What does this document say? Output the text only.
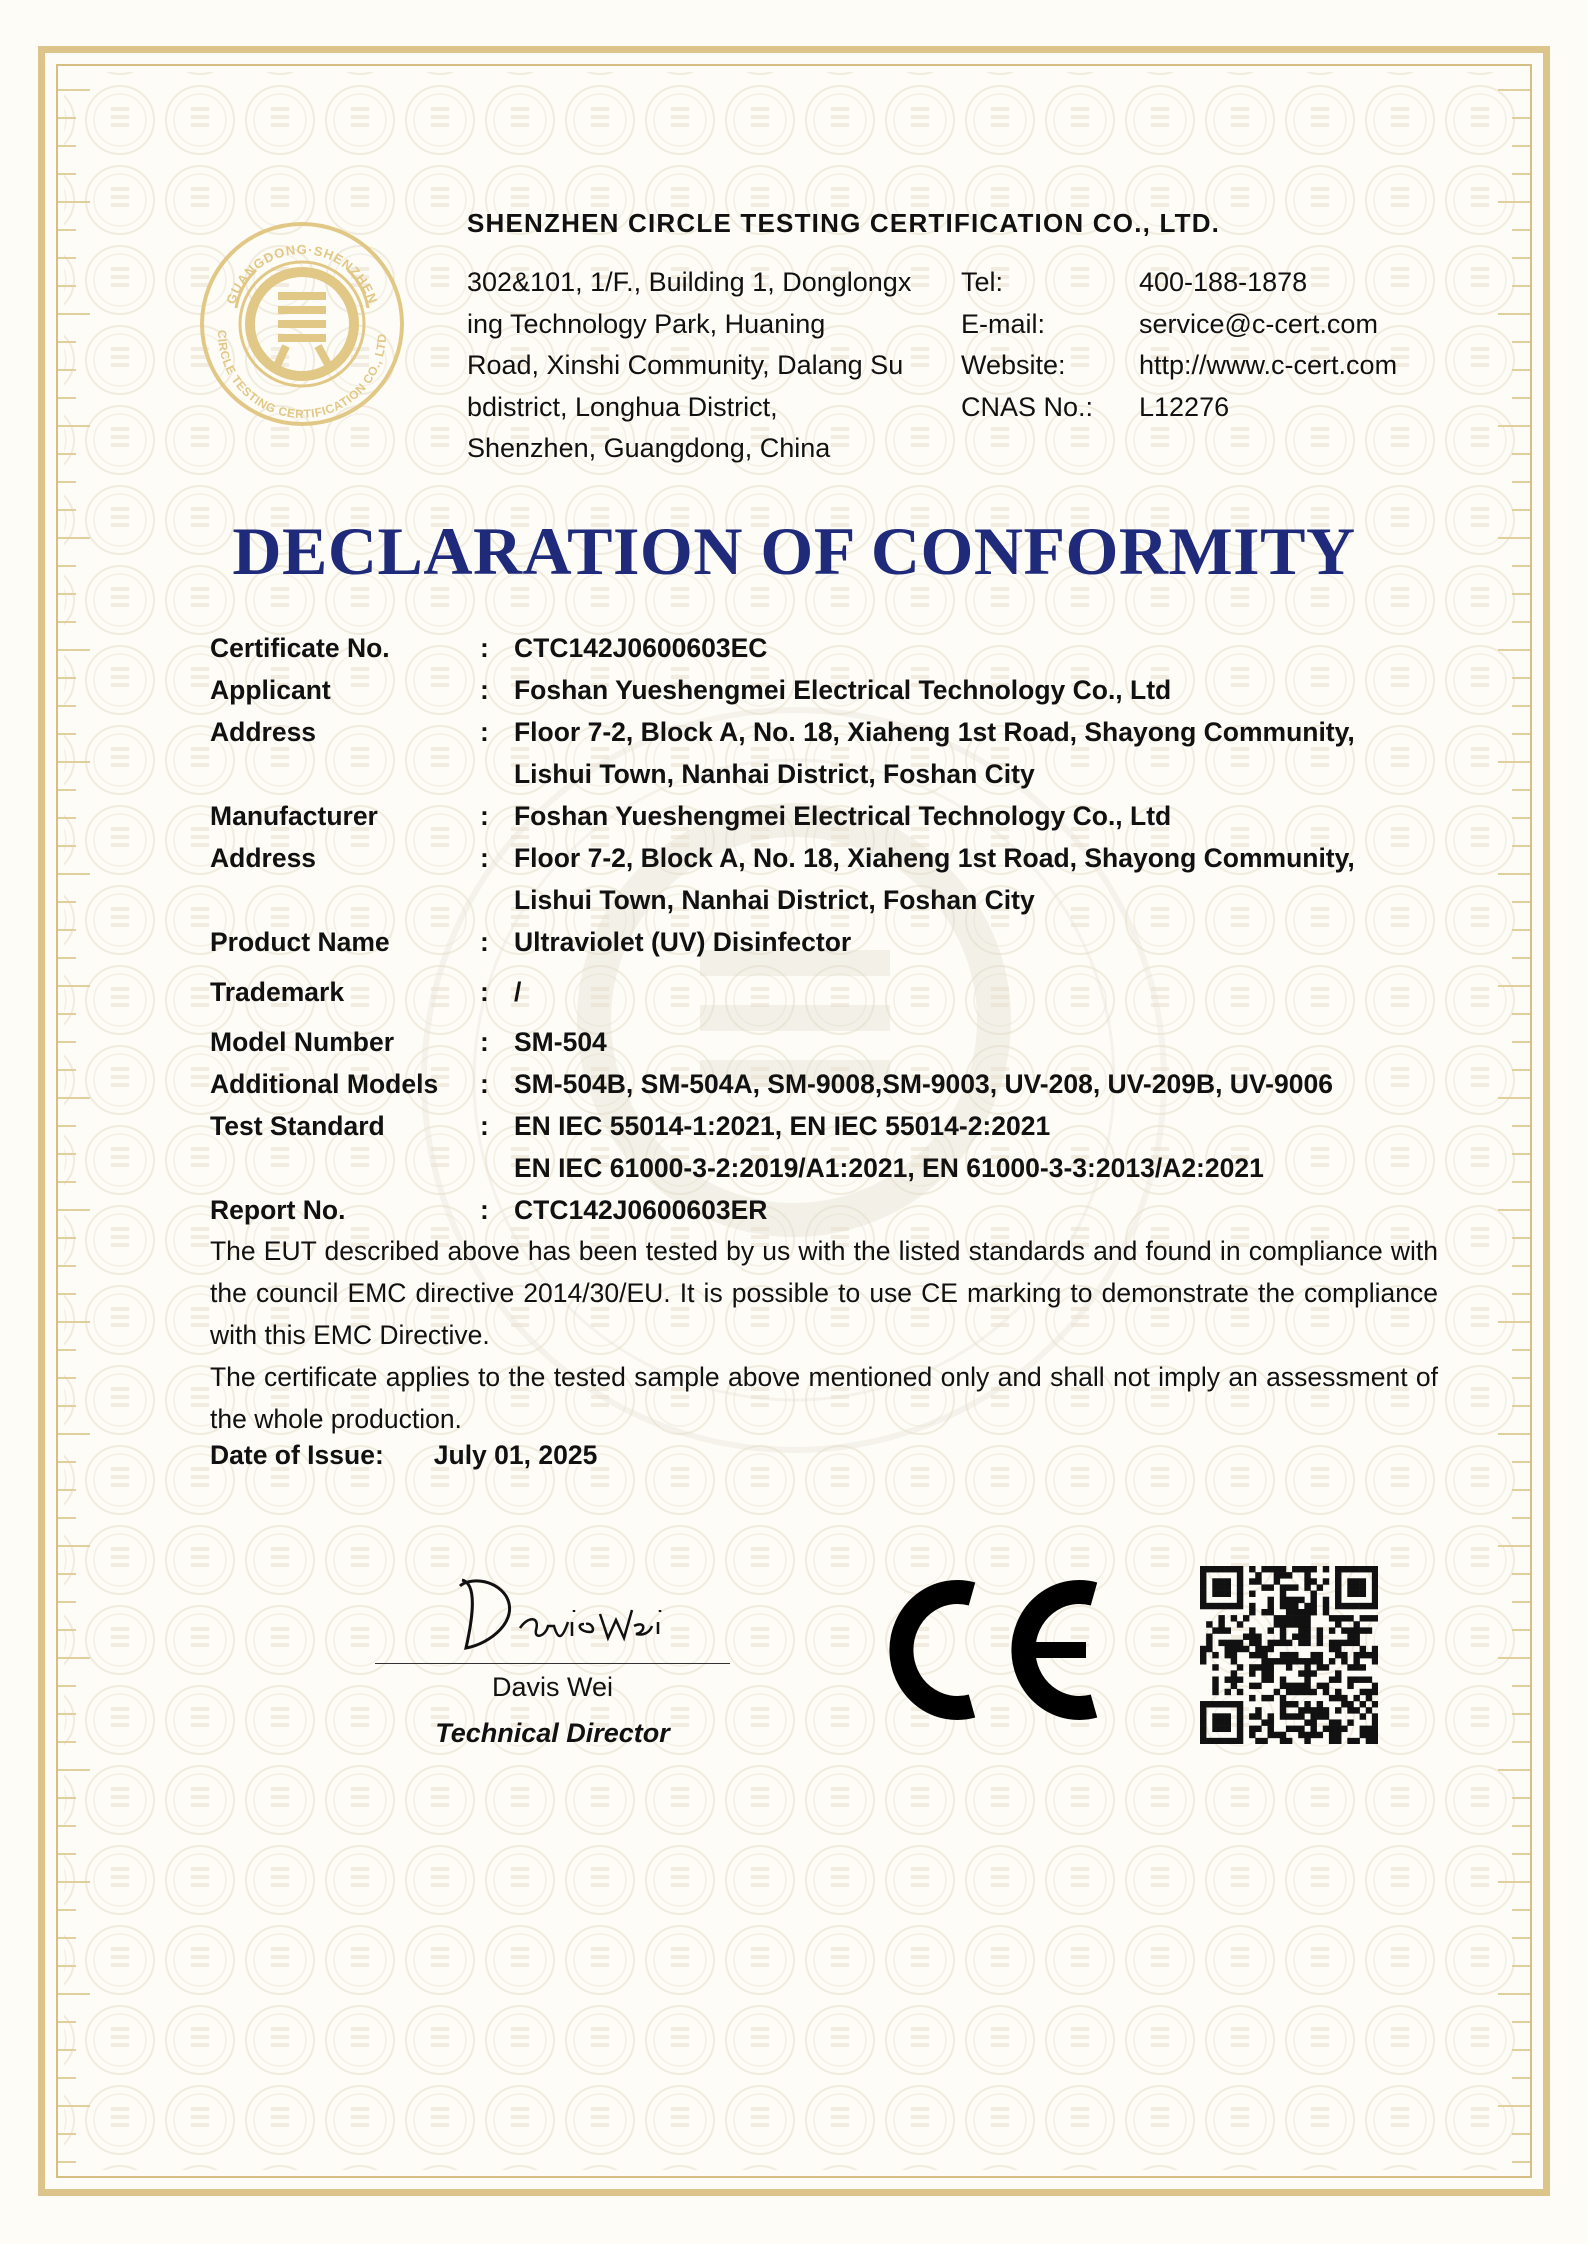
GUANGDONG·SHENZHEN
CIRCLE TESTING CERTIFICATION CO., LTD
SHENZHEN CIRCLE TESTING CERTIFICATION CO., LTD.
302&101, 1/F., Building 1, Donglongx
ing Technology Park, Huaning
Road, Xinshi Community, Dalang Su
bdistrict, Longhua District,
Shenzhen, Guangdong, China
Tel:	400-188-1878
E-mail:	service@c-cert.com
Website:	http://www.c-cert.com
CNAS No.:	L12276
DECLARATION OF CONFORMITY
Certificate No.	: CTC142J0600603EC
Applicant	: Foshan Yueshengmei Electrical Technology Co., Ltd
Address	: Floor 7-2, Block A, No. 18, Xiaheng 1st Road, Shayong Community,
Lishui Town, Nanhai District, Foshan City
Manufacturer	: Foshan Yueshengmei Electrical Technology Co., Ltd
Address	: Floor 7-2, Block A, No. 18, Xiaheng 1st Road, Shayong Community,
Lishui Town, Nanhai District, Foshan City
Product Name	: Ultraviolet (UV) Disinfector
Trademark	: /
Model Number	: SM-504
Additional Models	: SM-504B, SM-504A, SM-9008,SM-9003, UV-208, UV-209B, UV-9006
Test Standard	: EN IEC 55014-1:2021, EN IEC 55014-2:2021
EN IEC 61000-3-2:2019/A1:2021, EN 61000-3-3:2013/A2:2021
Report No.	: CTC142J0600603ER

The EUT described above has been tested by us with the listed standards and found in compliance with the council EMC directive 2014/30/EU. It is possible to use CE marking to demonstrate the compliance with this EMC Directive.

The certificate applies to the tested sample above mentioned only and shall not imply an assessment of the whole production.

Date of Issue: July 01, 2025
Davis Wei
Davis Wei
Technical Director
